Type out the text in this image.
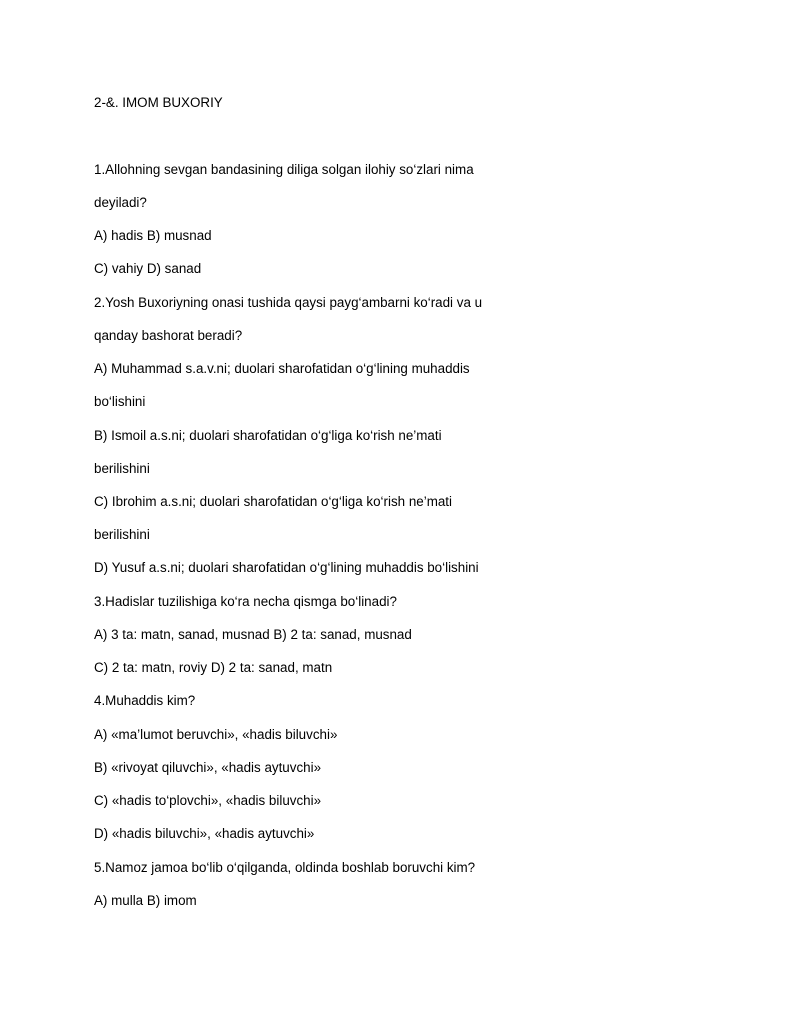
2-&. IMOM BUXORIY
1.Allohning sevgan bandasining diliga solgan ilohiy so‘zlari nima
deyiladi?
A) hadis B) musnad
C) vahiy D) sanad
2.Yosh Buxoriyning onasi tushida qaysi payg‘ambarni ko‘radi va u
qanday bashorat beradi?
A) Muhammad s.a.v.ni; duolari sharofatidan o‘g‘lining muhaddis
bo‘lishini
B) Ismoil a.s.ni; duolari sharofatidan o‘g‘liga ko‘rish ne’mati
berilishini
C) Ibrohim a.s.ni; duolari sharofatidan o‘g‘liga ko‘rish ne’mati
berilishini
D) Yusuf a.s.ni; duolari sharofatidan o‘g‘lining muhaddis bo‘lishini
3.Hadislar tuzilishiga ko‘ra necha qismga bo‘linadi?
A) 3 ta: matn, sanad, musnad B) 2 ta: sanad, musnad
C) 2 ta: matn, roviy D) 2 ta: sanad, matn
4.Muhaddis kim?
A) «ma’lumot beruvchi», «hadis biluvchi»
B) «rivoyat qiluvchi», «hadis aytuvchi»
C) «hadis to‘plovchi», «hadis biluvchi»
D) «hadis biluvchi», «hadis aytuvchi»
5.Namoz jamoa bo‘lib o‘qilganda, oldinda boshlab boruvchi kim?
A) mulla B) imom
